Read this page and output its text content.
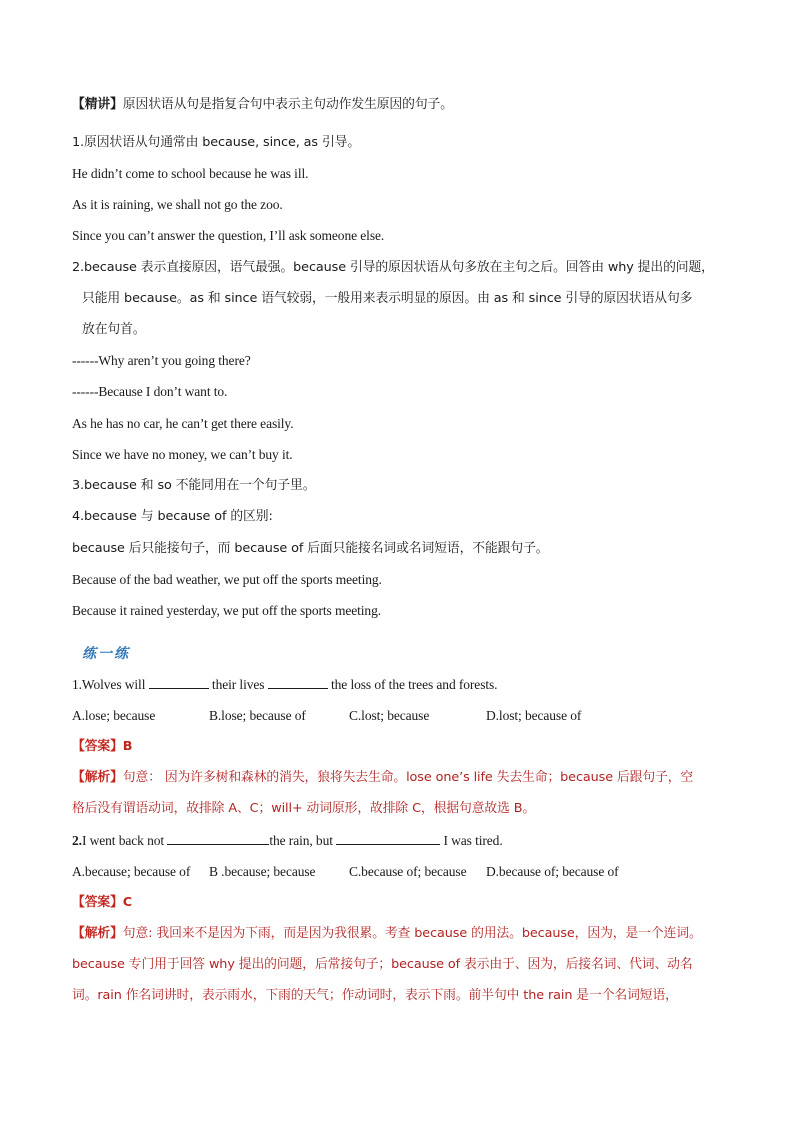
【精讲】原因状语从句是指复合句中表示主句动作发生原因的句子。
1.原因状语从句通常由 because, since, as 引导。
He didn’t come to school because he was ill.
As it is raining, we shall not go the zoo.
Since you can’t answer the question, I’ll ask someone else.
2.because 表示直接原因，语气最强。because 引导的原因状语从句多放在主句之后。回答由 why 提出的问题，
只能用 because。as 和 since 语气较弱，一般用来表示明显的原因。由 as 和 since 引导的原因状语从句多
放在句首。
------Why aren’t you going there?
------Because I don’t want to.
As he has no car, he can’t get there easily.
Since we have no money, we can’t buy it.
3.because 和 so 不能同用在一个句子里。
4.because 与 because of 的区别:
because 后只能接句子，而 because of 后面只能接名词或名词短语，不能跟句子。
Because of the bad weather, we put off the sports meeting.
Because it rained yesterday, we put off the sports meeting.
练一练
1.Wolves will	their lives	the loss of the trees and forests.
A.lose; because	B.lose; because of	C.lost; because	D.lost; because of
【答案】B
【解析】句意： 因为许多树和森林的消失，狼将失去生命。lose one’s life 失去生命；because 后跟句子，空
格后没有谓语动词，故排除 A、C；will+ 动词原形，故排除 C，根据句意故选 B。
2.I went back not	the rain, but	I was tired.
A.because; because of B .because; because C.because of; because D.because of; because of
【答案】C
【解析】句意: 我回来不是因为下雨，而是因为我很累。考查 because 的用法。because，因为，是一个连词。
because 专门用于回答 why 提出的问题，后常接句子；because of 表示由于、因为，后接名词、代词、动名
词。rain 作名词讲时，表示雨水，下雨的天气；作动词时，表示下雨。前半句中 the rain 是一个名词短语，
